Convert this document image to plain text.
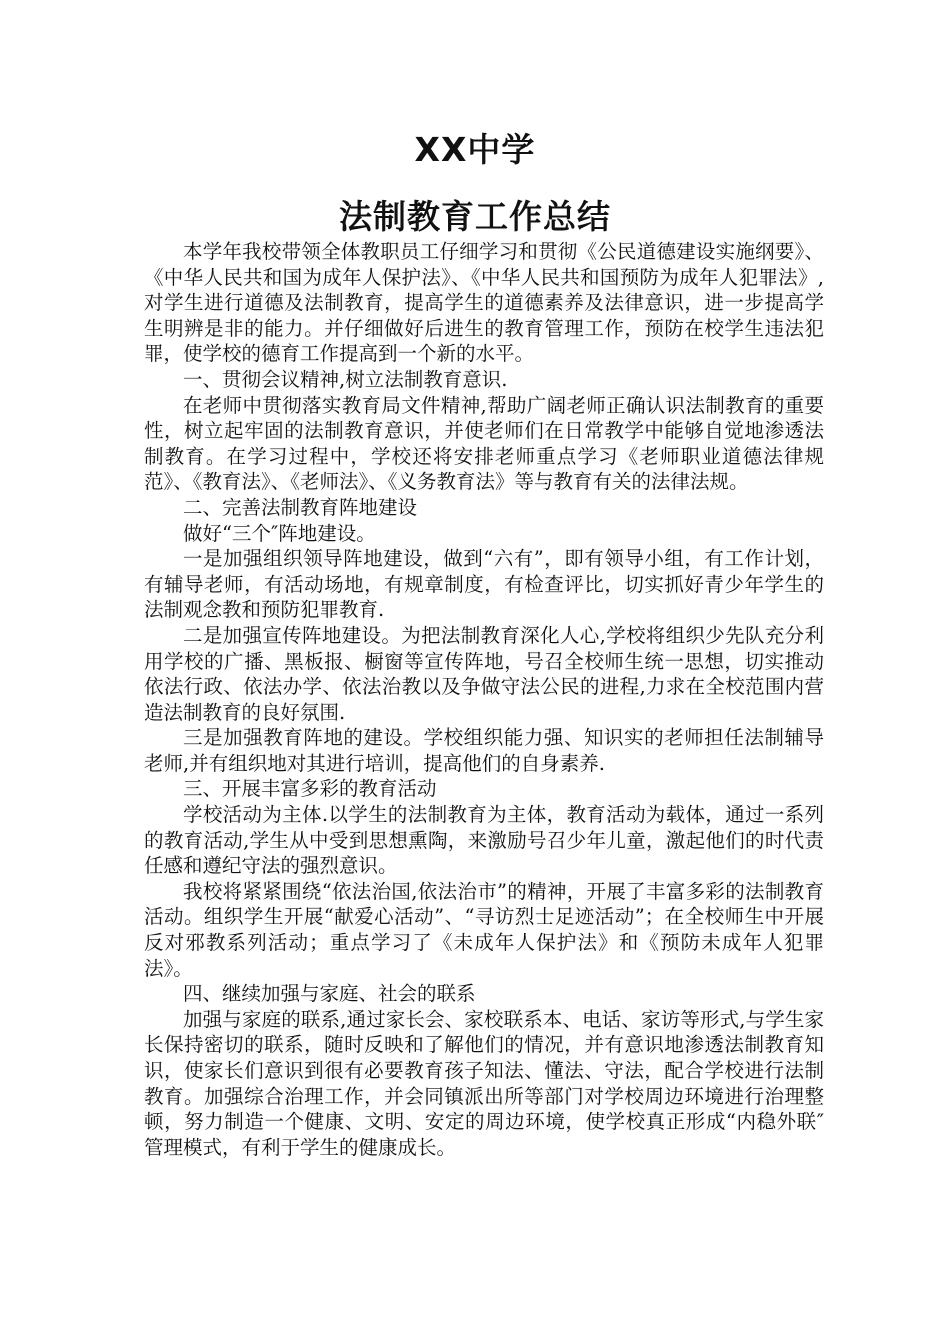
XX中学
法制教育工作总结

本学年我校带领全体教职员工仔细学习和贯彻《公民道德建设实施纲要》、《中华人民共和国为成年人保护法》、《中华人民共和国预防为成年人犯罪法》,对学生进行道德及法制教育，提高学生的道德素养及法律意识，进一步提高学生明辨是非的能力。并仔细做好后进生的教育管理工作，预防在校学生违法犯罪，使学校的德育工作提高到一个新的水平。

一、贯彻会议精神,树立法制教育意识.

在老师中贯彻落实教育局文件精神,帮助广阔老师正确认识法制教育的重要性，树立起牢固的法制教育意识，并使老师们在日常教学中能够自觉地渗透法制教育。在学习过程中，学校还将安排老师重点学习《老师职业道德法律规范》、《教育法》、《老师法》、《义务教育法》等与教育有关的法律法规。

二、完善法制教育阵地建设

做好“三个″阵地建设。

一是加强组织领导阵地建设，做到“六有”，即有领导小组，有工作计划，有辅导老师，有活动场地，有规章制度，有检查评比，切实抓好青少年学生的法制观念教和预防犯罪教育.

二是加强宣传阵地建设。为把法制教育深化人心,学校将组织少先队充分利用学校的广播、黑板报、橱窗等宣传阵地，号召全校师生统一思想，切实推动依法行政、依法办学、依法治教以及争做守法公民的进程,力求在全校范围内营造法制教育的良好氛围.

三是加强教育阵地的建设。学校组织能力强、知识实的老师担任法制辅导老师,并有组织地对其进行培训，提高他们的自身素养.

三、开展丰富多彩的教育活动

学校活动为主体.以学生的法制教育为主体，教育活动为载体，通过一系列的教育活动,学生从中受到思想熏陶，来激励号召少年儿童，激起他们的时代责任感和遵纪守法的强烈意识。

我校将紧紧围绕“依法治国,依法治市”的精神，开展了丰富多彩的法制教育活动。组织学生开展“献爱心活动”、“寻访烈士足迹活动”；在全校师生中开展反对邪教系列活动；重点学习了《未成年人保护法》和《预防未成年人犯罪法》。

四、继续加强与家庭、社会的联系

加强与家庭的联系,通过家长会、家校联系本、电话、家访等形式,与学生家长保持密切的联系，随时反映和了解他们的情况，并有意识地渗透法制教育知识，使家长们意识到很有必要教育孩子知法、懂法、守法，配合学校进行法制教育。加强综合治理工作，并会同镇派出所等部门对学校周边环境进行治理整顿，努力制造一个健康、文明、安定的周边环境，使学校真正形成“内稳外联″管理模式，有利于学生的健康成长。
